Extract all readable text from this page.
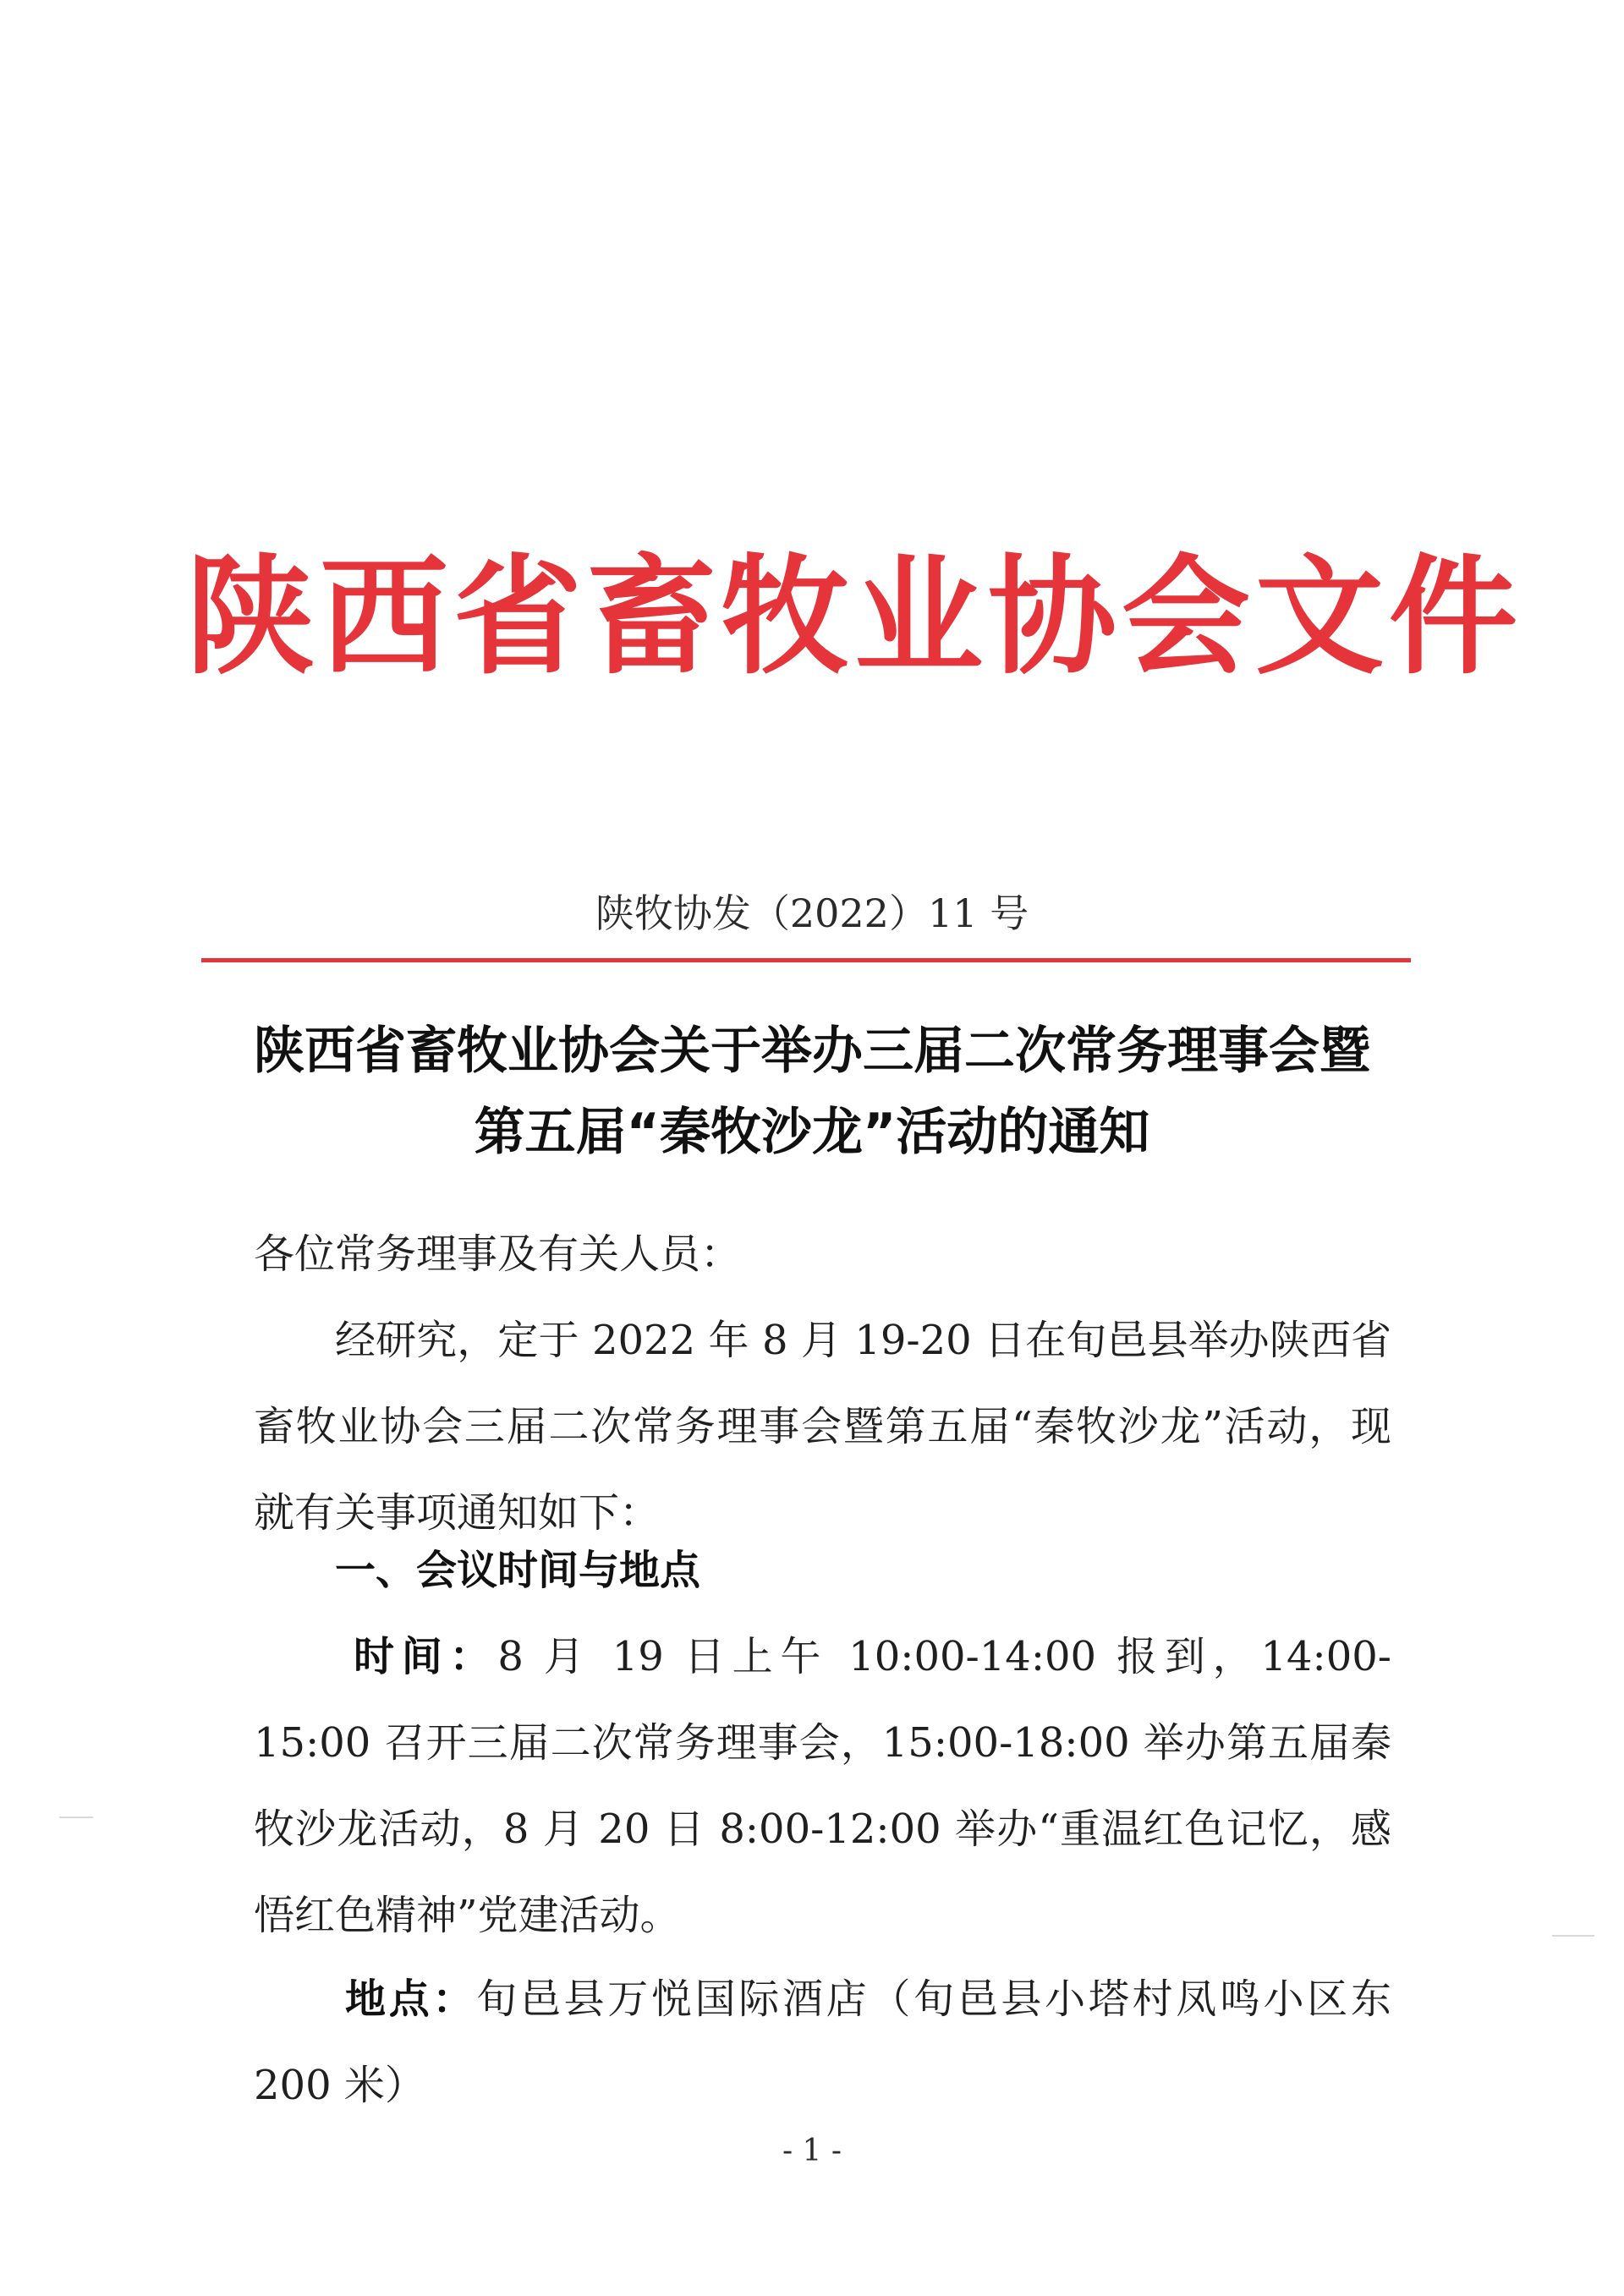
陕西省畜牧业协会文件
陕牧协发（2022）11 号
陕西省畜牧业协会关于举办三届二次常务理事会暨
第五届“秦牧沙龙”活动的通知
各位常务理事及有关人员：
经研究，定于 2022 年 8 月 19-20 日在旬邑县举办陕西省畜牧业协会三届二次常务理事会暨第五届“秦牧沙龙”活动，现就有关事项通知如下：
一、会议时间与地点
时间：8 月 19 日上午 10:00-14:00 报到，14:00-15:00 召开三届二次常务理事会，15:00-18:00 举办第五届秦牧沙龙活动，8 月 20 日 8:00-12:00 举办“重温红色记忆，感悟红色精神”党建活动。
地点：旬邑县万悦国际酒店（旬邑县小塔村凤鸣小区东 200 米）
- 1 -
